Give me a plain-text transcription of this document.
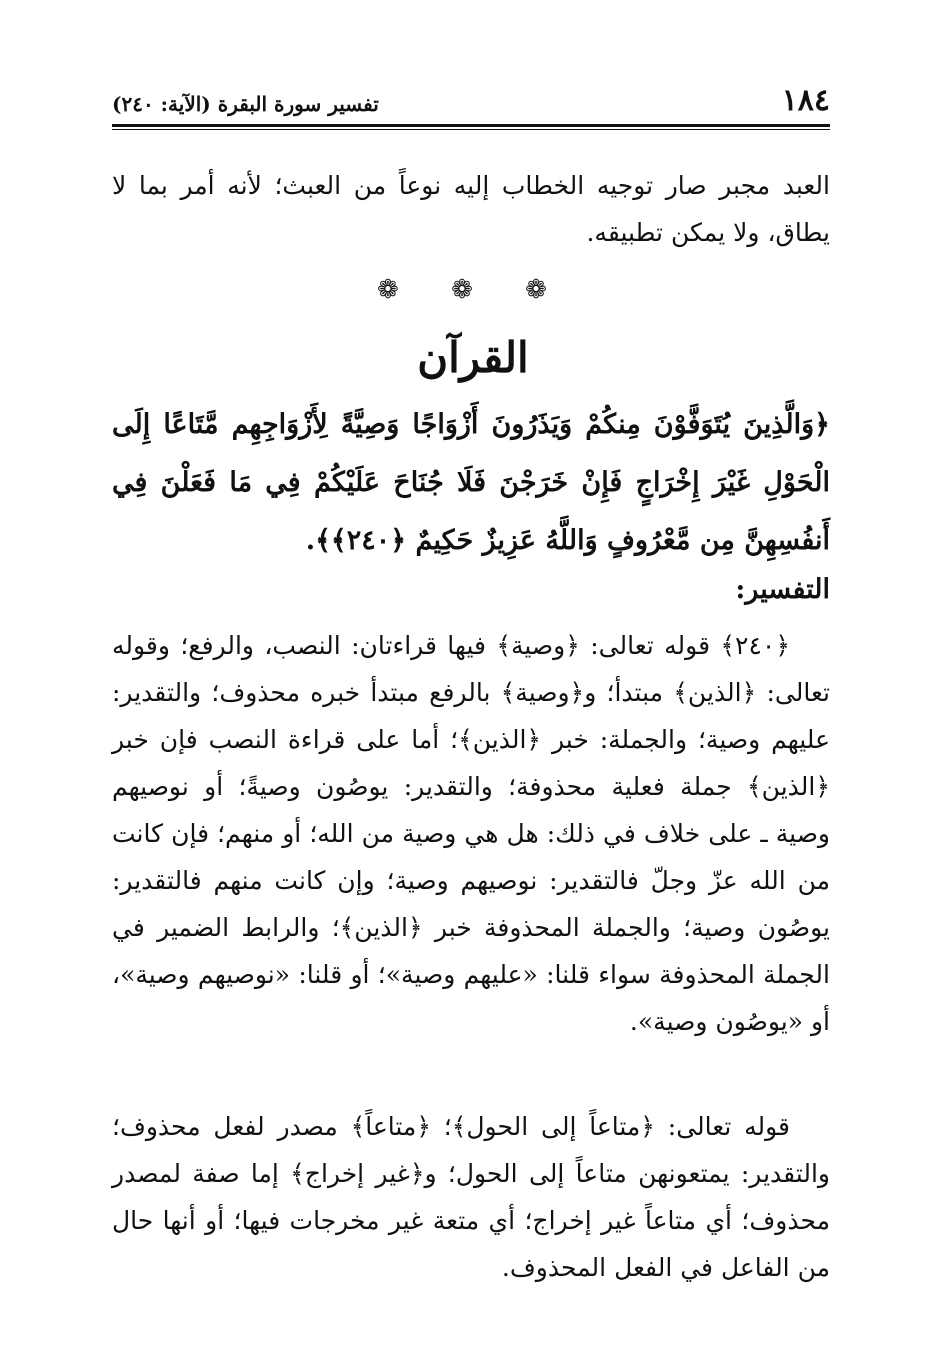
١٨٤
تفسير سورة البقرة (الآية: ٢٤٠)

العبد مجبر صار توجيه الخطاب إليه نوعاً من العبث؛ لأنه أمر بما لا يطاق، ولا يمكن تطبيقه.

❁ ❁ ❁
القرآن

﴿وَالَّذِينَ يُتَوَفَّوْنَ مِنكُمْ وَيَذَرُونَ أَزْوَاجًا وَصِيَّةً لِأَزْوَاجِهِم مَّتَاعًا إِلَى الْحَوْلِ غَيْرَ إِخْرَاجٍ فَإِنْ خَرَجْنَ فَلَا جُنَاحَ عَلَيْكُمْ فِي مَا فَعَلْنَ فِي أَنفُسِهِنَّ مِن مَّعْرُوفٍ وَاللَّهُ عَزِيزٌ حَكِيمٌ ﴿٢٤٠﴾﴾.

التفسير:

﴿٢٤٠﴾ قوله تعالى: ﴿وصية﴾ فيها قراءتان: النصب، والرفع؛ وقوله تعالى: ﴿الذين﴾ مبتدأ؛ و﴿وصية﴾ بالرفع مبتدأ خبره محذوف؛ والتقدير: عليهم وصية؛ والجملة: خبر ﴿الذين﴾؛ أما على قراءة النصب فإن خبر ﴿الذين﴾ جملة فعلية محذوفة؛ والتقدير: يوصُون وصيةً؛ أو نوصيهم وصية ـ على خلاف في ذلك: هل هي وصية من الله؛ أو منهم؛ فإن كانت من الله عزّ وجلّ فالتقدير: نوصيهم وصية؛ وإن كانت منهم فالتقدير: يوصُون وصية؛ والجملة المحذوفة خبر ﴿الذين﴾؛ والرابط الضمير في الجملة المحذوفة سواء قلنا: «عليهم وصية»؛ أو قلنا: «نوصيهم وصية»، أو «يوصُون وصية».

قوله تعالى: ﴿متاعاً إلى الحول﴾؛ ﴿متاعاً﴾ مصدر لفعل محذوف؛ والتقدير: يمتعونهن متاعاً إلى الحول؛ و﴿غير إخراج﴾ إما صفة لمصدر محذوف؛ أي متاعاً غير إخراج؛ أي متعة غير مخرجات فيها؛ أو أنها حال من الفاعل في الفعل المحذوف.
